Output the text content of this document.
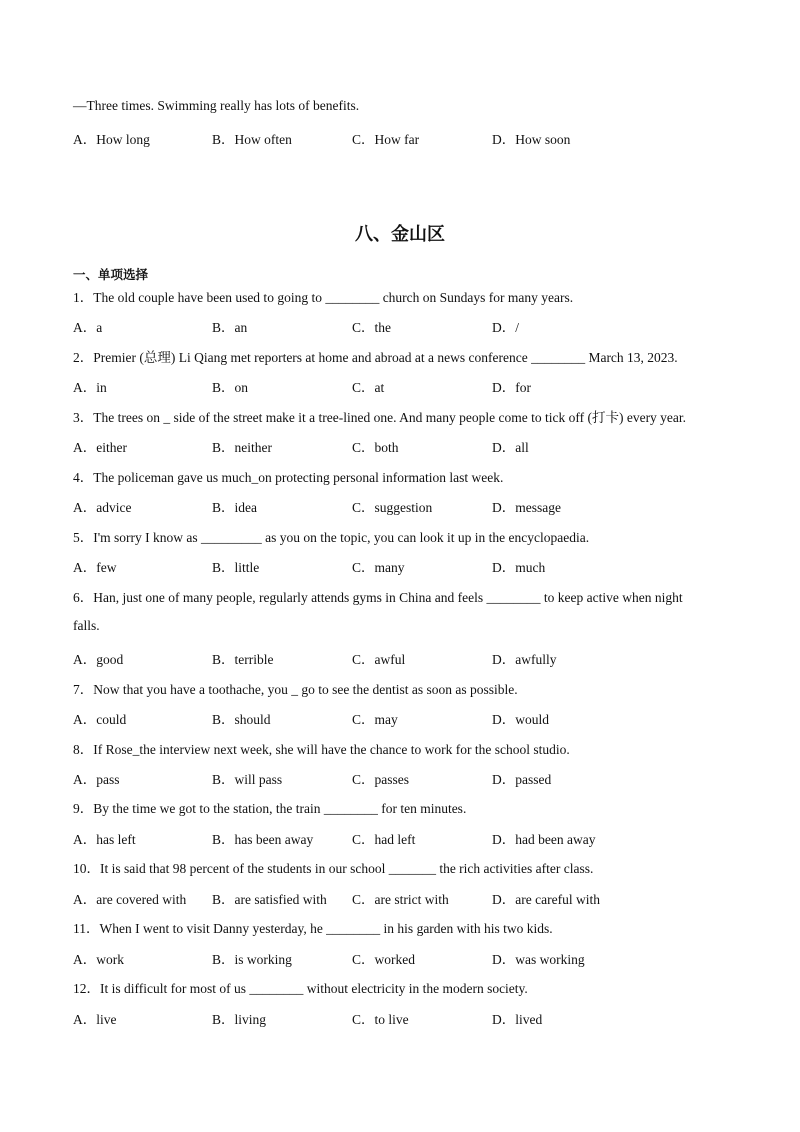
—Three times. Swimming really has lots of benefits.
A．How long	B．How often	C．How far	D．How soon
八、金山区
一、单项选择
1．The old couple have been used to going to ________ church on Sundays for many years.
A．a	B．an	C．the	D．/
2．Premier (总理) Li Qiang met reporters at home and abroad at a news conference ________ March 13, 2023.
A．in	B．on	C．at	D．for
3．The trees on _ side of the street make it a tree-lined one. And many people come to tick off (打卡) every year.
A．either	B．neither	C．both	D．all
4．The policeman gave us much_on protecting personal information last week.
A．advice	B．idea	C．suggestion	D．message
5．I'm sorry I know as _________ as you on the topic, you can look it up in the encyclopaedia.
A．few	B．little	C．many	D．much
6．Han, just one of many people, regularly attends gyms in China and feels ________ to keep active when night
falls.
A．good	B．terrible	C．awful	D．awfully
7．Now that you have a toothache, you _ go to see the dentist as soon as possible.
A．could	B．should	C．may	D．would
8．If Rose_the interview next week, she will have the chance to work for the school studio.
A．pass	B．will pass	C．passes	D．passed
9．By the time we got to the station, the train ________ for ten minutes.
A．has left	B．has been away	C．had left	D．had been away
10．It is said that 98 percent of the students in our school _______ the rich activities after class.
A．are covered with B．are satisfied with C．are strict with	D．are careful with
11．When I went to visit Danny yesterday, he ________ in his garden with his two kids.
A．work	B．is working	C．worked	D．was working
12．It is difficult for most of us ________ without electricity in the modern society.
A．live	B．living	C．to live	D．lived
